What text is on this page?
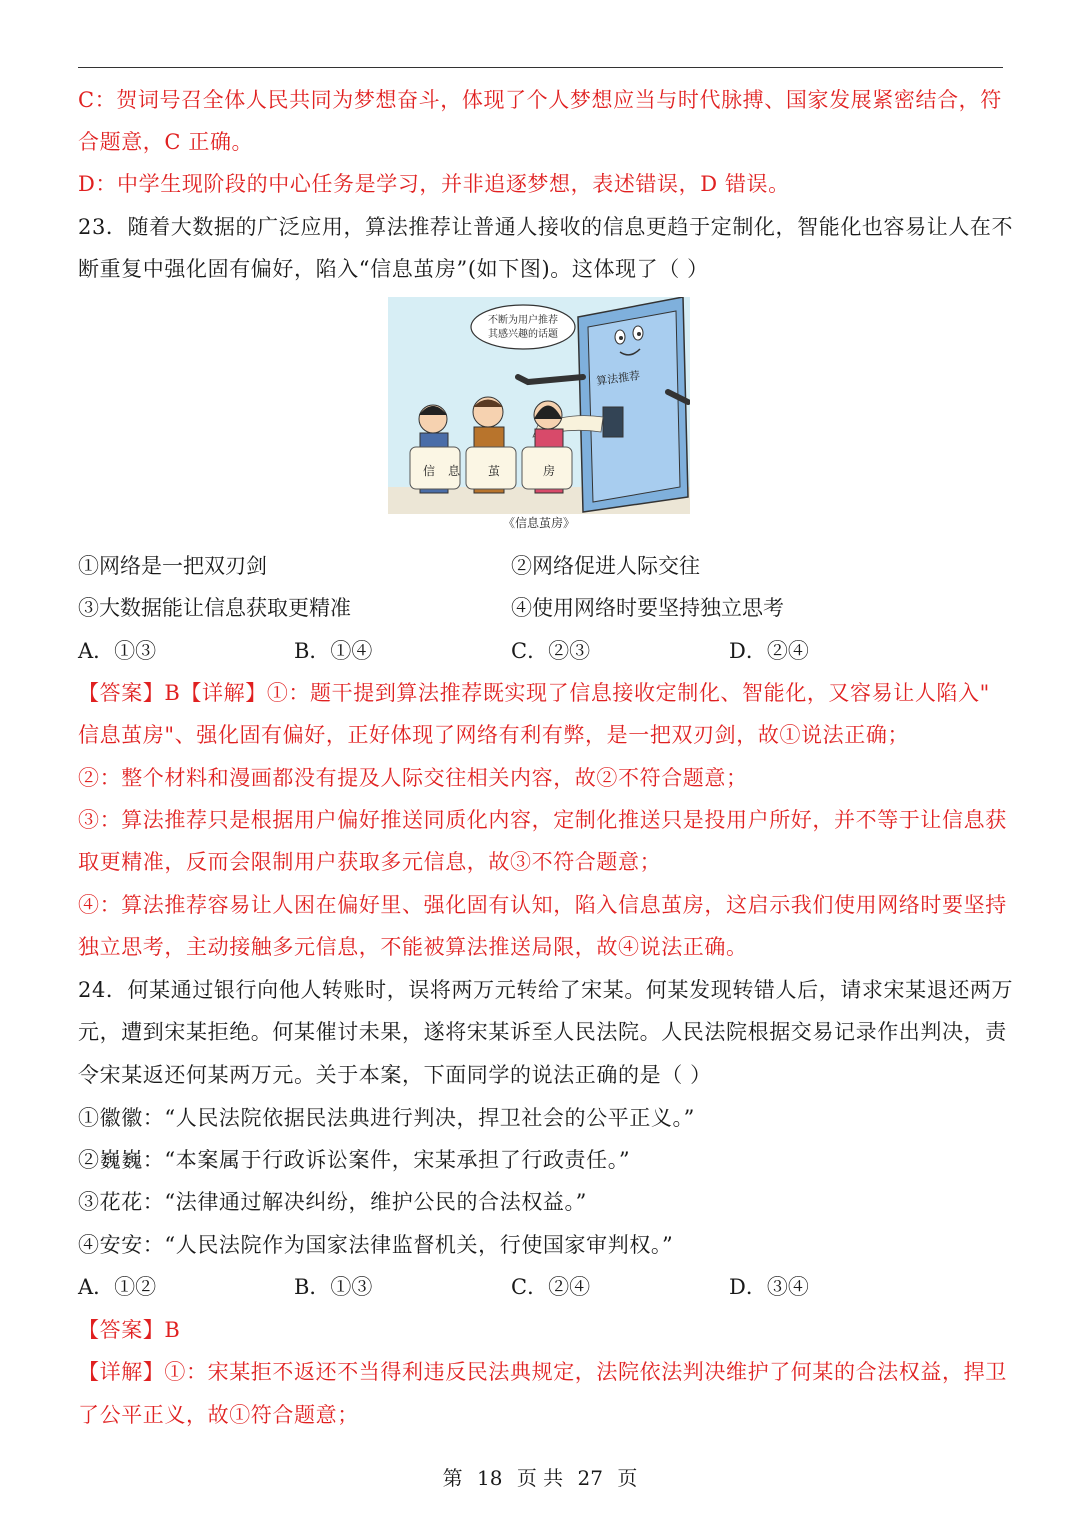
C：贺词号召全体人民共同为梦想奋斗，体现了个人梦想应当与时代脉搏、国家发展紧密结合，符
合题意，C 正确。
D：中学生现阶段的中心任务是学习，并非追逐梦想，表述错误，D 错误。
23．随着大数据的广泛应用，算法推荐让普通人接收的信息更趋于定制化，智能化也容易让人在不
断重复中强化固有偏好，陷入“信息茧房”(如下图)。这体现了（ ）
【答案】B【详解】①：题干提到算法推荐既实现了信息接收定制化、智能化，又容易让人陷入"
信息茧房"、强化固有偏好，正好体现了网络有利有弊，是一把双刃剑，故①说法正确；
②：整个材料和漫画都没有提及人际交往相关内容，故②不符合题意；
③：算法推荐只是根据用户偏好推送同质化内容，定制化推送只是投用户所好，并不等于让信息获
取更精准，反而会限制用户获取多元信息，故③不符合题意；
④：算法推荐容易让人困在偏好里、强化固有认知，陷入信息茧房，这启示我们使用网络时要坚持
独立思考，主动接触多元信息，不能被算法推送局限，故④说法正确。
24．何某通过银行向他人转账时，误将两万元转给了宋某。何某发现转错人后，请求宋某退还两万
元，遭到宋某拒绝。何某催讨未果，遂将宋某诉至人民法院。人民法院根据交易记录作出判决，责
令宋某返还何某两万元。关于本案，下面同学的说法正确的是（ ）
①徽徽：“人民法院依据民法典进行判决，捍卫社会的公平正义。”
②巍巍：“本案属于行政诉讼案件，宋某承担了行政责任。”
③花花：“法律通过解决纠纷，维护公民的合法权益。”
④安安：“人民法院作为国家法律监督机关，行使国家审判权。”
【答案】B
【详解】①：宋某拒不返还不当得利违反民法典规定，法院依法判决维护了何某的合法权益，捍卫
了公平正义，故①符合题意；
①网络是一把双刃剑	②网络促进人际交往
③大数据能让信息获取更精准	④使用网络时要坚持独立思考
A．①③	B．①④	C．②③	D．②④
A．①②	B．①③	C．②④	D．③④
算法推荐
不断为用户推荐
其感兴趣的话题
信 息 茧	房
《信息茧房》
第 18 页 共 27 页
